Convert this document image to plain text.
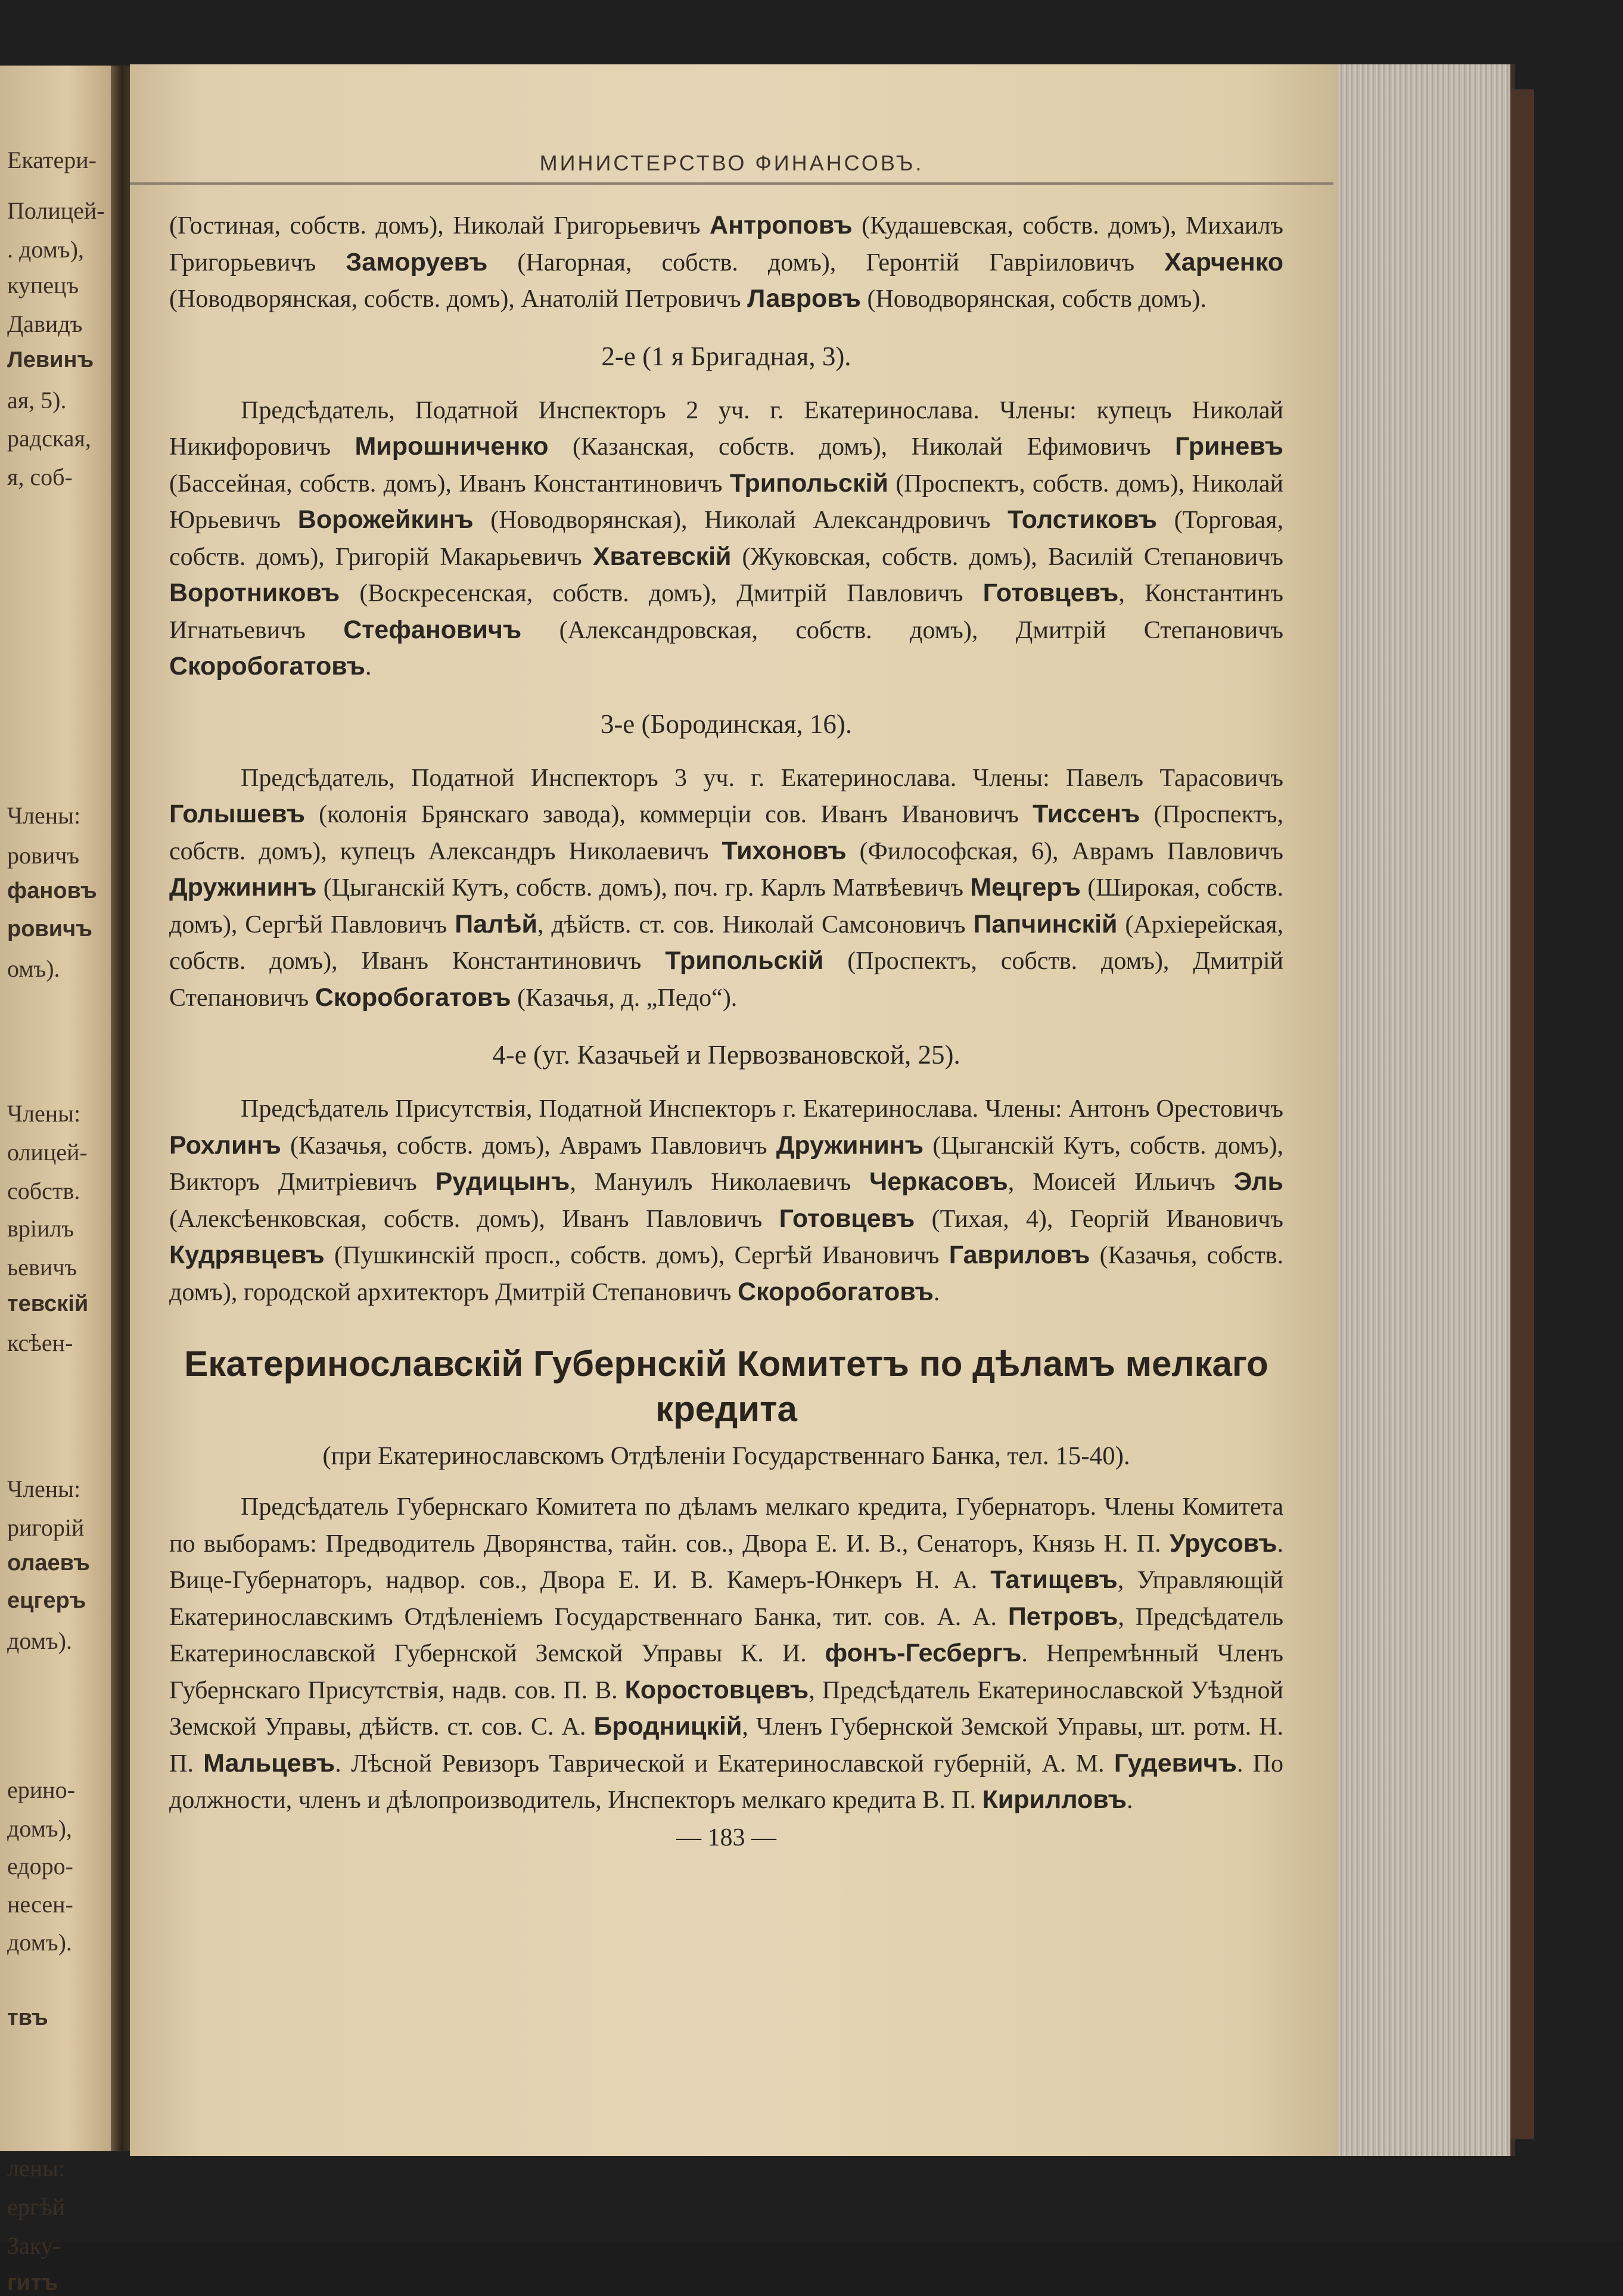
Екатери-
Полицей-
. домъ),
купецъ
Давидъ
Левинъ
ая, 5).
радская,
я, соб-
Члены:
ровичъ
фановъ
ровичъ
омъ).
Члены:
олицей-
собств.
вріилъ
ьевичъ
тевскій
ксѣен-
Члены:
ригорій
олаевъ
ецгеръ
домъ).
ерино-
домъ),
едоро-
несен-
домъ).
твъ
лены:
ергѣй
Заку-
гитъ
МИНИСТЕРСТВО ФИНАНСОВЪ.

(Гостиная, собств. домъ), Николай Григорьевичъ Антроповъ (Кудашевская, собств. домъ), Михаилъ Григорьевичъ Заморуевъ (Нагорная, собств. домъ), Геронтій Гавріиловичъ Харченко (Новодворянская, собств. домъ), Анатолій Петровичъ Лавровъ (Новодворянская, собств домъ).

2-е (1 я Бригадная, 3).

Предсѣдатель, Податной Инспекторъ 2 уч. г. Екатеринослава. Члены: купецъ Николай Никифоровичъ Мирошниченко (Казанская, собств. домъ), Николай Ефимовичъ Гриневъ (Бассейная, собств. домъ), Иванъ Константиновичъ Трипольскій (Проспектъ, собств. домъ), Николай Юрьевичъ Ворожейкинъ (Новодворянская), Николай Александровичъ Толстиковъ (Торговая, собств. домъ), Григорій Макарьевичъ Хватевскій (Жуковская, собств. домъ), Василій Степановичъ Воротниковъ (Воскресенская, собств. домъ), Дмитрій Павловичъ Готовцевъ, Константинъ Игнатьевичъ Стефановичъ (Александровская, собств. домъ), Дмитрій Степановичъ Скоробогатовъ.

3-е (Бородинская, 16).

Предсѣдатель, Податной Инспекторъ 3 уч. г. Екатеринослава. Члены: Павелъ Тарасовичъ Голышевъ (колонія Брянскаго завода), коммерціи сов. Иванъ Ивановичъ Тиссенъ (Проспектъ, собств. домъ), купецъ Александръ Николаевичъ Тихоновъ (Философская, 6), Аврамъ Павловичъ Дружининъ (Цыганскій Кутъ, собств. домъ), поч. гр. Карлъ Матвѣевичъ Мецгеръ (Широкая, собств. домъ), Сергѣй Павловичъ Палѣй, дѣйств. ст. сов. Николай Самсоновичъ Папчинскій (Архіерейская, собств. домъ), Иванъ Константиновичъ Трипольскій (Проспектъ, собств. домъ), Дмитрій Степановичъ Скоробогатовъ (Казачья, д. „Педо“).

4-е (уг. Казачьей и Первозвановской, 25).

Предсѣдатель Присутствія, Податной Инспекторъ г. Екатеринослава. Члены: Антонъ Орестовичъ Рохлинъ (Казачья, собств. домъ), Аврамъ Павловичъ Дружининъ (Цыганскій Кутъ, собств. домъ), Викторъ Дмитріевичъ Рудицынъ, Мануилъ Николаевичъ Черкасовъ, Моисей Ильичъ Эль (Алексѣенковская, собств. домъ), Иванъ Павловичъ Готовцевъ (Тихая, 4), Георгій Ивановичъ Кудрявцевъ (Пушкинскій просп., собств. домъ), Сергѣй Ивановичъ Гавриловъ (Казачья, собств. домъ), городской архитекторъ Дмитрій Степановичъ Скоробогатовъ.

Екатеринославскій Губернскій Комитетъ по дѣламъ мелкаго
кредита
(при Екатеринославскомъ Отдѣленіи Государственнаго Банка, тел. 15-40).

Предсѣдатель Губернскаго Комитета по дѣламъ мелкаго кредита, Губернаторъ. Члены Комитета по выборамъ: Предводитель Дворянства, тайн. сов., Двора Е. И. В., Сенаторъ, Князь Н. П. Урусовъ. Вице-Губернаторъ, надвор. сов., Двора Е. И. В. Камеръ-Юнкеръ Н. А. Татищевъ, Управляющій Екатеринославскимъ Отдѣленіемъ Государственнаго Банка, тит. сов. А. А. Петровъ, Предсѣдатель Екатеринославской Губернской Земской Управы К. И. фонъ-Гесбергъ. Непремѣнный Членъ Губернскаго Присутствія, надв. сов. П. В. Коростовцевъ, Предсѣдатель Екатеринославской Уѣздной Земской Управы, дѣйств. ст. сов. С. А. Бродницкій, Членъ Губернской Земской Управы, шт. ротм. Н. П. Мальцевъ. Лѣсной Ревизоръ Таврической и Екатеринославской губерній, А. М. Гудевичъ. По должности, членъ и дѣлопроизводитель, Инспекторъ мелкаго кредита В. П. Кирилловъ.

— 183 —
